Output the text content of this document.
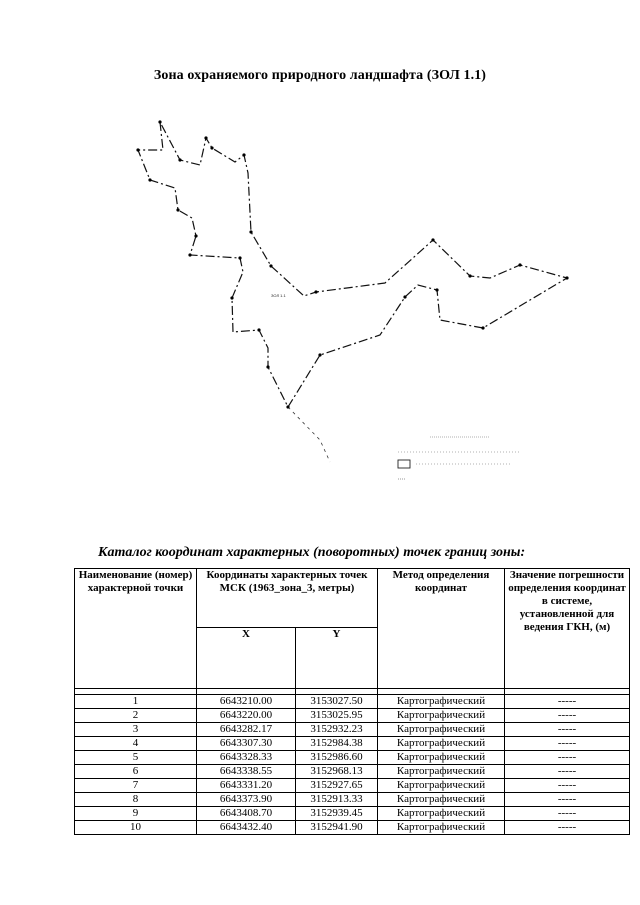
Зона охраняемого природного ландшафта (ЗОЛ 1.1)
ЗОЛ 1.1
Каталог координат характерных (поворотных) точек границ зоны:
Наименование (номер) характерной точки	Координаты характерных точек МСК (1963_зона_3, метры)		Метод определения координат	Значение погрешности определения координат в системе, установленной для ведения ГКН, (м)
	X	Y		

1	6643210.00	3153027.50	Картографический	-----
2	6643220.00	3153025.95	Картографический	-----
3	6643282.17	3152932.23	Картографический	-----
4	6643307.30	3152984.38	Картографический	-----
5	6643328.33	3152986.60	Картографический	-----
6	6643338.55	3152968.13	Картографический	-----
7	6643331.20	3152927.65	Картографический	-----
8	6643373.90	3152913.33	Картографический	-----
9	6643408.70	3152939.45	Картографический	-----
10	6643432.40	3152941.90	Картографический	-----
